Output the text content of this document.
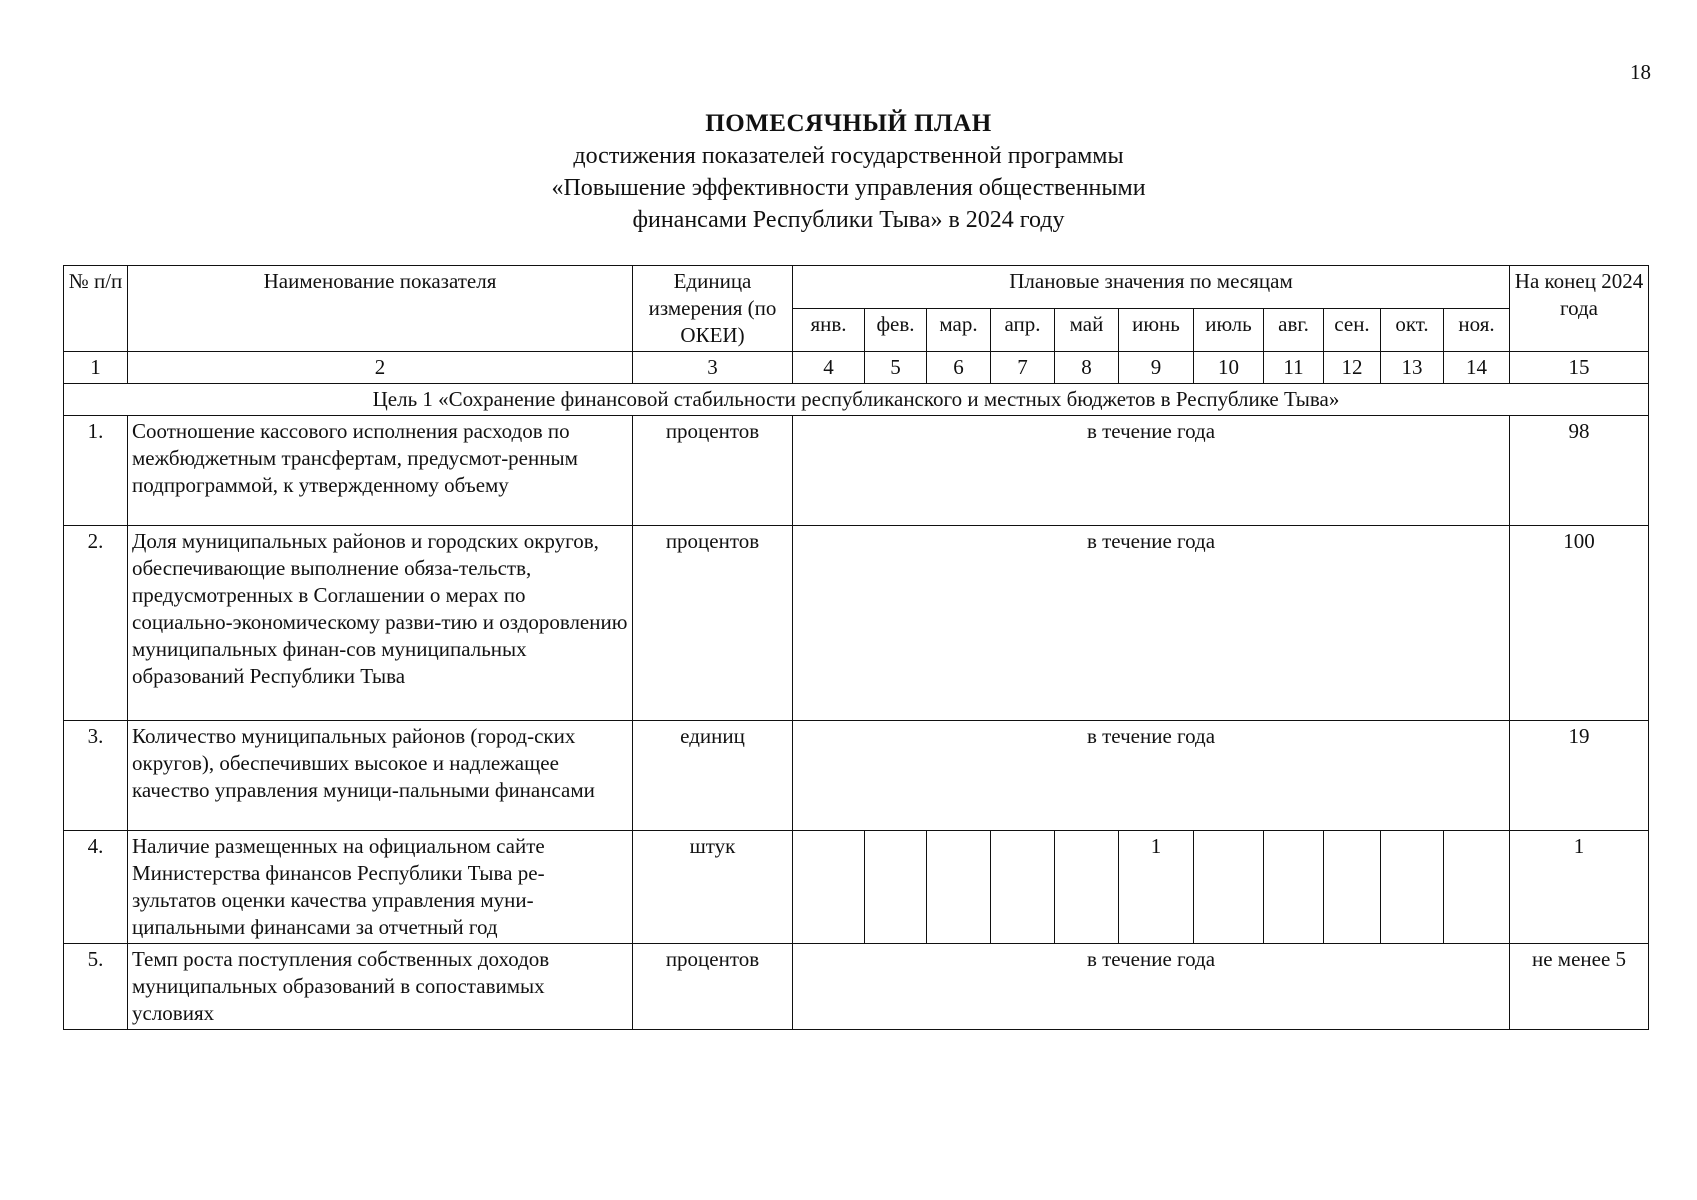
18
ПОМЕСЯЧНЫЙ ПЛАН
достижения показателей государственной программы
«Повышение эффективности управления общественными
финансами Республики Тыва» в 2024 году
№ п/п	Наименование показателя	Единица измерения (по ОКЕИ)	Плановые значения по месяцам											На конец 2024 года
			янв.	фев.	мар.	апр.	май	июнь	июль	авг.	сен.	окт.	ноя.	
1	2	3	4	5	6	7	8	9	10	11	12	13	14	15
Цель 1 «Сохранение финансовой стабильности республиканского и местных бюджетов в Республике Тыва»														
1.	Соотношение кассового исполнения расходов по межбюджетным трансфертам, предусмот-ренным подпрограммой, к утвержденному объему	процентов	в течение года											98
2.	Доля муниципальных районов и городских округов, обеспечивающие выполнение обяза-тельств, предусмотренных в Соглашении о мерах по социально-экономическому разви-тию и оздоровлению муниципальных финан-сов муниципальных образований Республики Тыва	процентов	в течение года											100
3.	Количество муниципальных районов (город-ских округов), обеспечивших высокое и надлежащее качество управления муници-пальными финансами	единиц	в течение года											19
4.	Наличие размещенных на официальном сайте Министерства финансов Республики Тыва ре-зультатов оценки качества управления муни-ципальными финансами за отчетный год	штук						1						1
5.	Темп роста поступления собственных доходов муниципальных образований в сопоставимых условиях	процентов	в течение года											не менее 5
